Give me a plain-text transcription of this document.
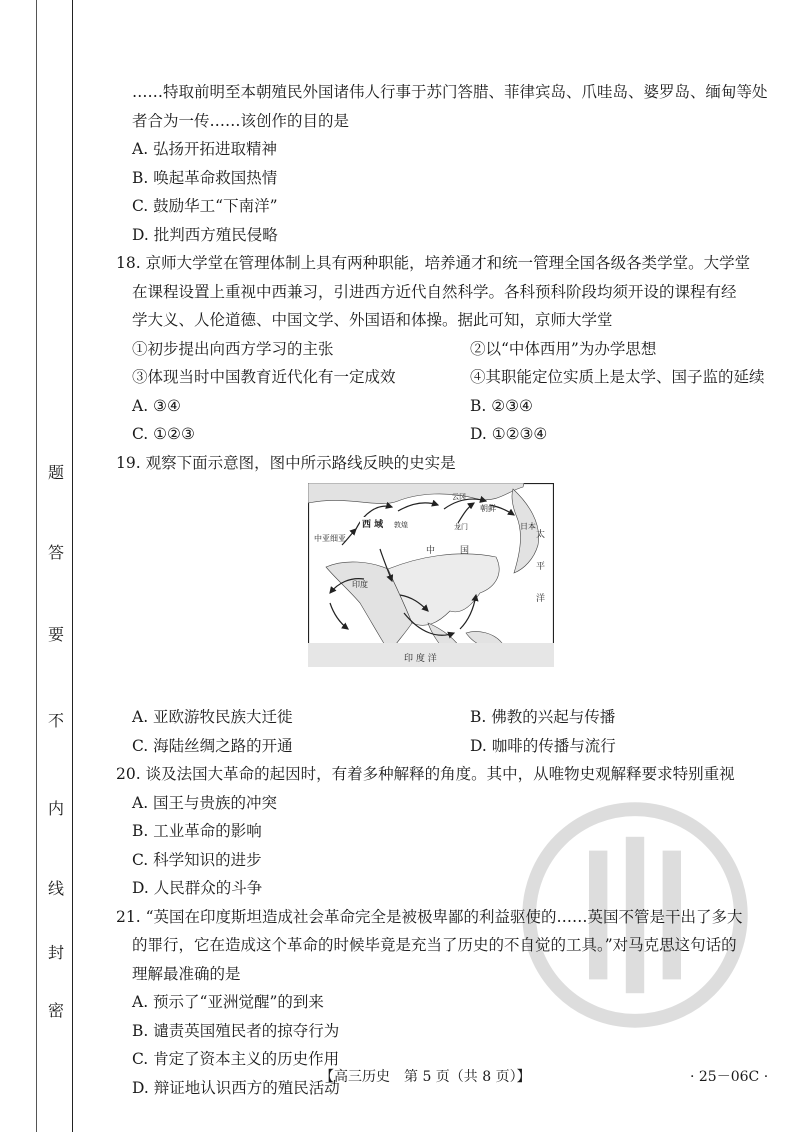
密
封
线
内
不
要
答
题
……特取前明至本朝殖民外国诸伟人行事于苏门答腊、菲律宾岛、爪哇岛、婆罗岛、缅甸等处
者合为一传……该创作的目的是
A. 弘扬开拓进取精神
B. 唤起革命救国热情
C. 鼓励华工“下南洋”
D. 批判西方殖民侵略
18. 京师大学堂在管理体制上具有两种职能，培养通才和统一管理全国各级各类学堂。大学堂
在课程设置上重视中西兼习，引进西方近代自然科学。各科预科阶段均须开设的课程有经
学大义、人伦道德、中国文学、外国语和体操。据此可知，京师大学堂
①初步提出向西方学习的主张	②以“中体西用”为办学思想
③体现当时中国教育近代化有一定成效	④其职能定位实质上是太学、国子监的延续
A. ③④	B. ②③④
C. ①②③	D. ①②③④
19. 观察下面示意图，图中所示路线反映的史实是
西 域 敦煌
云冈
龙门
中	国
朝鲜
日本
中亚细亚
印度
印 度 洋
太
平
洋
A. 亚欧游牧民族大迁徙	B. 佛教的兴起与传播
C. 海陆丝绸之路的开通	D. 咖啡的传播与流行
20. 谈及法国大革命的起因时，有着多种解释的角度。其中，从唯物史观解释要求特别重视
A. 国王与贵族的冲突
B. 工业革命的影响
C. 科学知识的进步
D. 人民群众的斗争
21. “英国在印度斯坦造成社会革命完全是被极卑鄙的利益驱使的……英国不管是干出了多大
的罪行，它在造成这个革命的时候毕竟是充当了历史的不自觉的工具。”对马克思这句话的
理解最准确的是
A. 预示了“亚洲觉醒”的到来
B. 谴责英国殖民者的掠夺行为
C. 肯定了资本主义的历史作用
D. 辩证地认识西方的殖民活动
【高三历史　第 5 页（共 8 页）】	· 25－06C ·
